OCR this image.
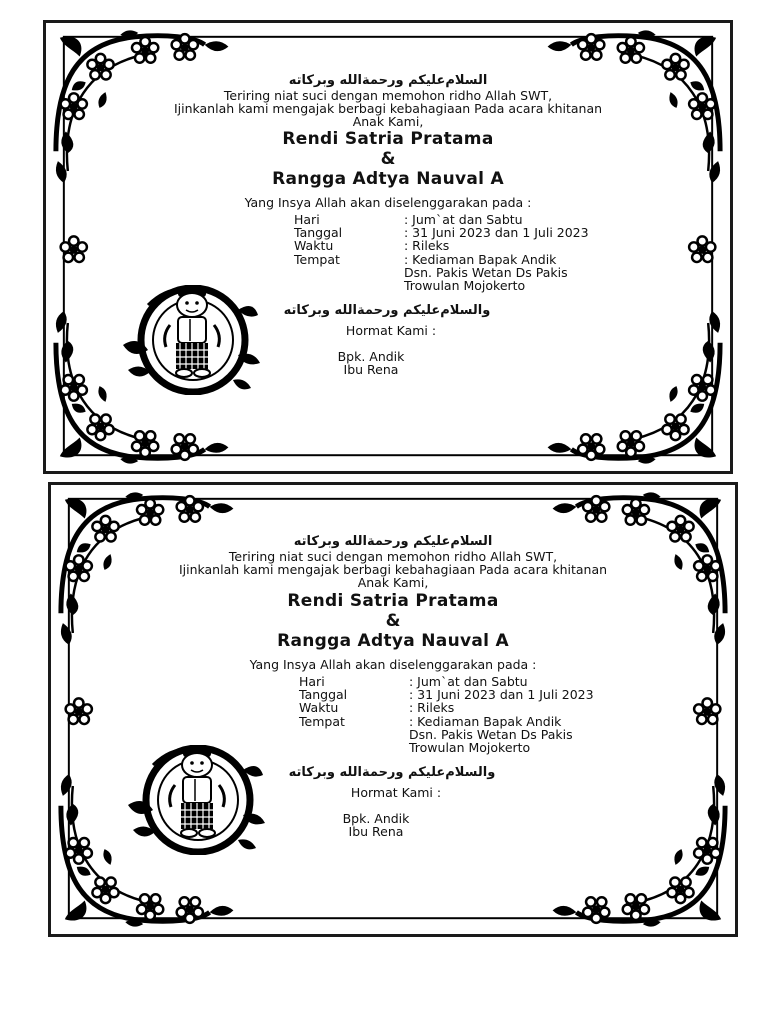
السلام‌عليكم ورحمةالله وبركاته
Teriring niat suci dengan memohon ridho Allah SWT,
Ijinkanlah kami mengajak berbagi kebahagiaan Pada acara khitanan
Anak Kami,
Rendi Satria Pratama
&
Rangga Adtya Nauval A
Yang Insya Allah akan diselenggarakan pada :
Hari	: Jum`at dan Sabtu
Tanggal	: 31 Juni 2023 dan 1 Juli 2023
Waktu	: Rileks
Tempat	: Kediaman Bapak Andik
Dsn. Pakis Wetan Ds Pakis
Trowulan Mojokerto
والسلام‌عليكم ورحمةالله وبركاته
Hormat Kami :
Bpk. Andik
Ibu Rena
السلام‌عليكم ورحمةالله وبركاته
Teriring niat suci dengan memohon ridho Allah SWT,
Ijinkanlah kami mengajak berbagi kebahagiaan Pada acara khitanan
Anak Kami,
Rendi Satria Pratama
&
Rangga Adtya Nauval A
Yang Insya Allah akan diselenggarakan pada :
Hari	: Jum`at dan Sabtu
Tanggal	: 31 Juni 2023 dan 1 Juli 2023
Waktu	: Rileks
Tempat	: Kediaman Bapak Andik
Dsn. Pakis Wetan Ds Pakis
Trowulan Mojokerto
والسلام‌عليكم ورحمةالله وبركاته
Hormat Kami :
Bpk. Andik
Ibu Rena
